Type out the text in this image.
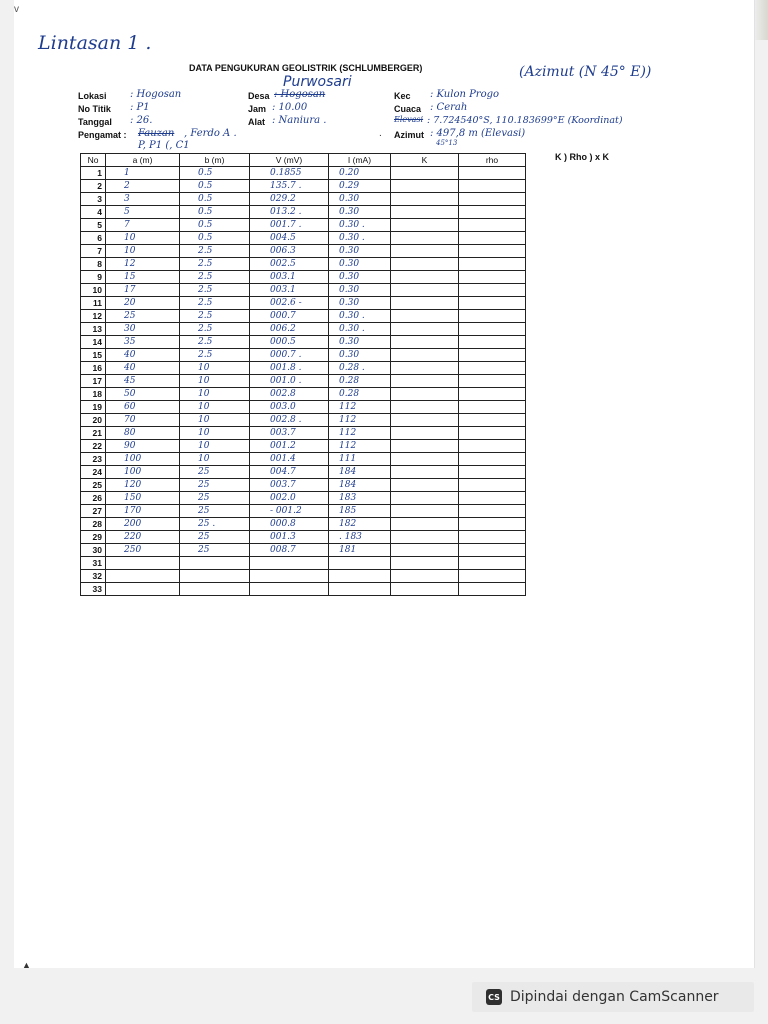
v
Lintasan 1 .
DATA PENGUKURAN GEOLISTRIK (SCHLUMBERGER)
Purwosari
(Azimut (N 45° E))
Lokasi : Hogosan
No Titik : P1
Tanggal : 26.
Pengamat : Fauzan , Ferdo A .
P, P1 (, C1
Desa : Hogosan
Jam : 10.00
Alat : Naniura .
Kec : Kulon Progo
Cuaca : Cerah
Elevasi : 7.724540°S, 110.183699°E (Koordinat)
Azimut : 497,8 m (Elevasi)
45°13
.
K ) Rho ) x K
No	a (m)	b (m)	V (mV)	I (mA)	K	rho
1	1	0.5	0.1855	0.20		
2	2	0.5	135.7 .	0.29		
3	3	0.5	029.2	0.30		
4	5	0.5	013.2 .	0.30		
5	7	0.5	001.7 .	0.30 .		
6	10	0.5	004.5	0.30 .		
7	10	2.5	006.3	0.30		
8	12	2.5	002.5	0.30		
9	15	2.5	003.1	0.30		
10	17	2.5	003.1	0.30		
11	20	2.5	002.6 -	0.30		
12	25	2.5	000.7	0.30 .		
13	30	2.5	006.2	0.30 .		
14	35	2.5	000.5	0.30		
15	40	2.5	000.7 .	0.30		
16	40	10	001.8 .	0.28 .		
17	45	10	001.0 .	0.28		
18	50	10	002.8	0.28		
19	60	10	003.0	112		
20	70	10	002.8 .	112		
21	80	10	003.7	112		
22	90	10	001.2	112		
23	100	10	001.4	111		
24	100	25	004.7	184		
25	120	25	003.7	184		
26	150	25	002.0	183		
27	170	25	- 001.2	185		
28	200	25 .	000.8	182		
29	220	25	001.3	. 183		
30	250	25	008.7	181		
31						
32						
33						
▲
CS Dipindai dengan CamScanner
